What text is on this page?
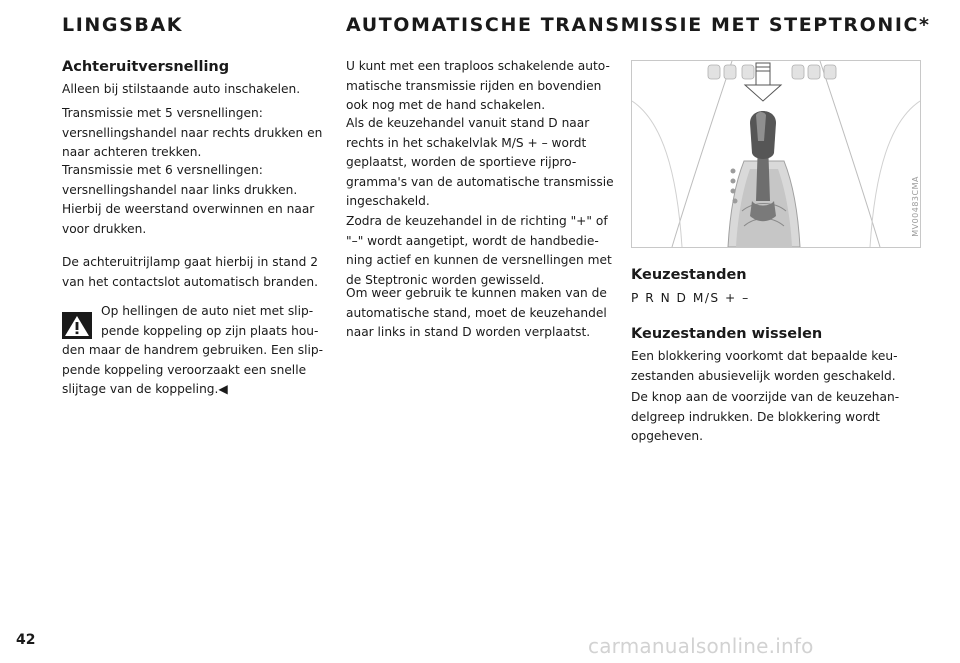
LINGSBAK
Achteruitversnelling

Alleen bij stilstaande auto inschakelen.

Transmissie met 5 versnellingen:
versnellingshandel naar rechts drukken en
naar achteren trekken.

Transmissie met 6 versnellingen:
versnellingshandel naar links drukken.
Hierbij de weerstand overwinnen en naar
voor drukken.

De achteruitrijlamp gaat hierbij in stand 2
van het contactslot automatisch branden.

Op hellingen de auto niet met slip-
pende koppeling op zijn plaats hou-

den maar de handrem gebruiken. Een slip-
pende koppeling veroorzaakt een snelle
slijtage van de koppeling.◀

AUTOMATISCHE TRANSMISSIE MET STEPTRONIC*

U kunt met een traploos schakelende auto-
matische transmissie rijden en bovendien
ook nog met de hand schakelen.

Als de keuzehandel vanuit stand D naar
rechts in het schakelvlak M/S + – wordt
geplaatst, worden de sportieve rijpro-
gramma's van de automatische transmissie
ingeschakeld.
Zodra de keuzehandel in de richting "+" of
"–" wordt aangetipt, wordt de handbedie-
ning actief en kunnen de versnellingen met
de Steptronic worden gewisseld.

Om weer gebruik te kunnen maken van de
automatische stand, moet de keuzehandel
naar links in stand D worden verplaatst.

MV00483CMA
Keuzestanden

P R N D M/S + –

Keuzestanden wisselen

Een blokkering voorkomt dat bepaalde keu-
zestanden abusievelijk worden geschakeld.

De knop aan de voorzijde van de keuzehan-
delgreep indrukken. De blokkering wordt
opgeheven.

42	carmanualsonline.info
